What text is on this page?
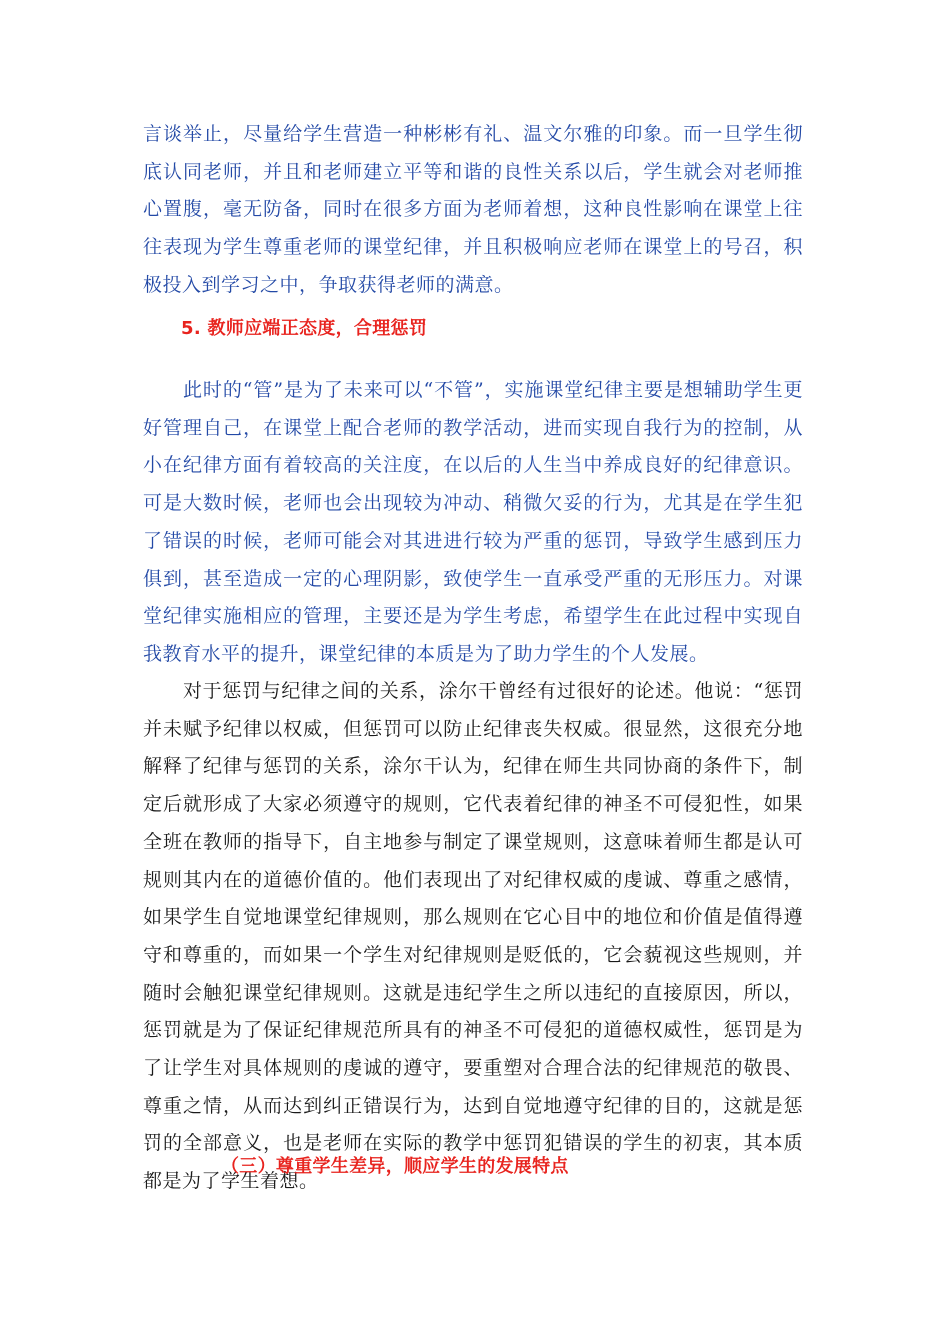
言谈举止，尽量给学生营造一种彬彬有礼、温文尔雅的印象。而一旦学生彻底认同老师，并且和老师建立平等和谐的良性关系以后，学生就会对老师推心置腹，毫无防备，同时在很多方面为老师着想，这种良性影响在课堂上往往表现为学生尊重老师的课堂纪律，并且积极响应老师在课堂上的号召，积极投入到学习之中，争取获得老师的满意。

5. 教师应端正态度，合理惩罚

此时的“管”是为了未来可以“不管”，实施课堂纪律主要是想辅助学生更好管理自己，在课堂上配合老师的教学活动，进而实现自我行为的控制，从小在纪律方面有着较高的关注度，在以后的人生当中养成良好的纪律意识。可是大数时候，老师也会出现较为冲动、稍微欠妥的行为，尤其是在学生犯了错误的时候，老师可能会对其进进行较为严重的惩罚，导致学生感到压力俱到，甚至造成一定的心理阴影，致使学生一直承受严重的无形压力。对课堂纪律实施相应的管理，主要还是为学生考虑，希望学生在此过程中实现自我教育水平的提升，课堂纪律的本质是为了助力学生的个人发展。

对于惩罚与纪律之间的关系，涂尔干曾经有过很好的论述。他说：“惩罚并未赋予纪律以权威，但惩罚可以防止纪律丧失权威。很显然，这很充分地解释了纪律与惩罚的关系，涂尔干认为，纪律在师生共同协商的条件下，制定后就形成了大家必须遵守的规则，它代表着纪律的神圣不可侵犯性，如果全班在教师的指导下，自主地参与制定了课堂规则，这意味着师生都是认可规则其内在的道德价值的。他们表现出了对纪律权威的虔诚、尊重之感情，如果学生自觉地课堂纪律规则，那么规则在它心目中的地位和价值是值得遵守和尊重的，而如果一个学生对纪律规则是贬低的，它会藐视这些规则，并随时会触犯课堂纪律规则。这就是违纪学生之所以违纪的直接原因，所以，惩罚就是为了保证纪律规范所具有的神圣不可侵犯的道德权威性，惩罚是为了让学生对具体规则的虔诚的遵守，要重塑对合理合法的纪律规范的敬畏、尊重之情，从而达到纠正错误行为，达到自觉地遵守纪律的目的，这就是惩罚的全部意义，也是老师在实际的教学中惩罚犯错误的学生的初衷，其本质都是为了学生着想。

（三）尊重学生差异，顺应学生的发展特点
